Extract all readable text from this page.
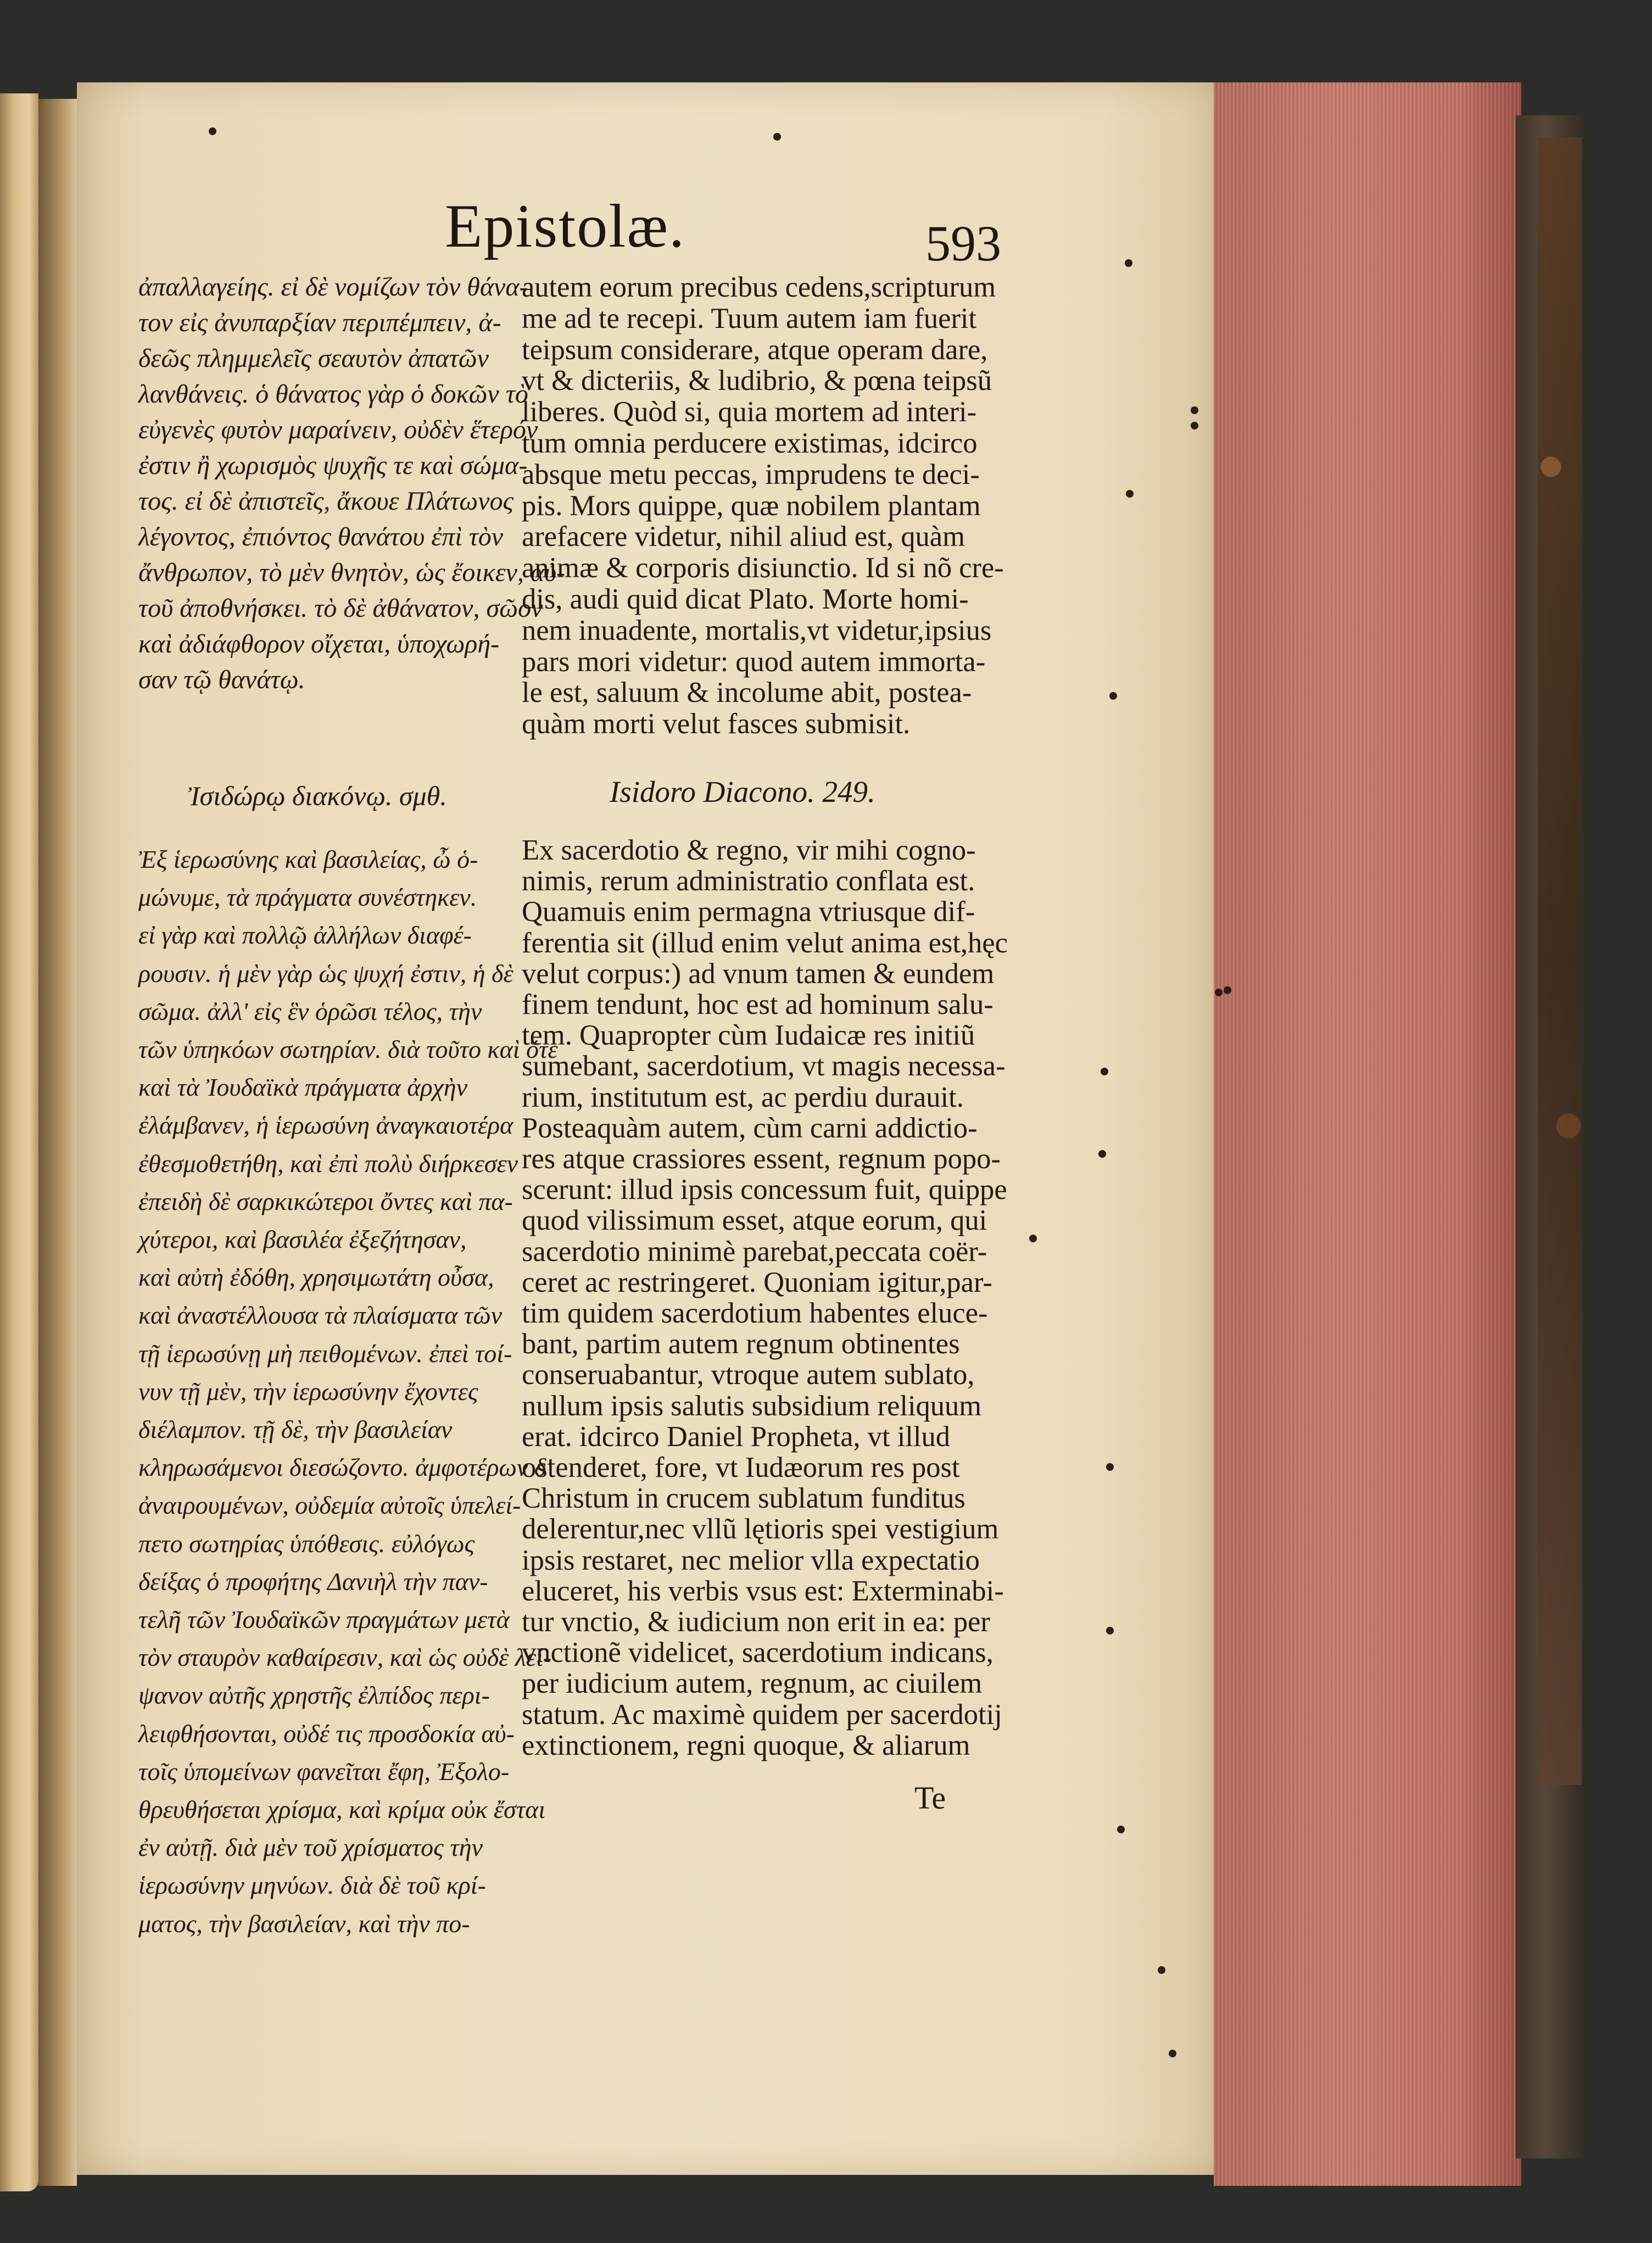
Epistolæ.	593
ἀπαλλαγείης. εἰ δὲ νομίζων τὸν θάνα-
τον εἰς ἀνυπαρξίαν περιπέμπειν, ἀ-
δεῶς πλημμελεῖς σεαυτὸν ἀπατῶν
λανθάνεις. ὁ θάνατος γὰρ ὁ δοκῶν τὸ
εὐγενὲς φυτὸν μαραίνειν, οὐδὲν ἕτερόν
ἐστιν ἢ χωρισμὸς ψυχῆς τε καὶ σώμα-
τος. εἰ δὲ ἀπιστεῖς, ἄκουε Πλάτωνος
λέγοντος, ἐπιόντος θανάτου ἐπὶ τὸν
ἄνθρωπον, τὸ μὲν θνητὸν, ὡς ἔοικεν, αὐ-
τοῦ ἀποθνήσκει. τὸ δὲ ἀθάνατον, σῶον
καὶ ἀδιάφθορον οἴχεται, ὑποχωρή-
σαν τῷ θανάτῳ.
autem eorum precibus cedens,scripturum
me ad te recepi. Tuum autem iam fuerit
teipsum considerare, atque operam dare,
vt & dicteriis, & ludibrio, & pœna teipsũ
liberes. Quòd si, quia mortem ad interi-
tum omnia perducere existimas, idcirco
absque metu peccas, imprudens te deci-
pis. Mors quippe, quæ nobilem plantam
arefacere videtur, nihil aliud est, quàm
animæ & corporis disiunctio. Id si nõ cre-
dis, audi quid dicat Plato. Morte homi-
nem inuadente, mortalis,vt videtur,ipsius
pars mori videtur: quod autem immorta-
le est, saluum & incolume abit, postea-
quàm morti velut fasces submisit.
Ἰσιδώρῳ διακόνῳ. σμθ.	Isidoro Diacono. 249.
Ἐξ ἱερωσύνης καὶ βασιλείας, ὦ ὁ-
μώνυμε, τὰ πράγματα συνέστηκεν.
εἰ γὰρ καὶ πολλῷ ἀλλήλων διαφέ-
ρουσιν. ἡ μὲν γὰρ ὡς ψυχή ἐστιν, ἡ δὲ
σῶμα. ἀλλ' εἰς ἓν ὁρῶσι τέλος, τὴν
τῶν ὑπηκόων σωτηρίαν. διὰ τοῦτο καὶ ὅτε
καὶ τὰ Ἰουδαϊκὰ πράγματα ἀρχὴν
ἐλάμβανεν, ἡ ἱερωσύνη ἀναγκαιοτέρα
ἐθεσμοθετήθη, καὶ ἐπὶ πολὺ διήρκεσεν
ἐπειδὴ δὲ σαρκικώτεροι ὄντες καὶ πα-
χύτεροι, καὶ βασιλέα ἐξεζήτησαν,
καὶ αὐτὴ ἐδόθη, χρησιμωτάτη οὖσα,
καὶ ἀναστέλλουσα τὰ πλαίσματα τῶν
τῇ ἱερωσύνῃ μὴ πειθομένων. ἐπεὶ τοί-
νυν τῇ μὲν, τὴν ἱερωσύνην ἔχοντες
διέλαμπον. τῇ δὲ, τὴν βασιλείαν
κληρωσάμενοι διεσώζοντο. ἀμφοτέρων δ'
ἀναιρουμένων, οὐδεμία αὐτοῖς ὑπελεί-
πετο σωτηρίας ὑπόθεσις. εὐλόγως
δείξας ὁ προφήτης Δανιὴλ τὴν παν-
τελῆ τῶν Ἰουδαϊκῶν πραγμάτων μετὰ
τὸν σταυρὸν καθαίρεσιν, καὶ ὡς οὐδὲ λεί-
ψανον αὐτῆς χρηστῆς ἐλπίδος περι-
λειφθήσονται, οὐδέ τις προσδοκία αὐ-
τοῖς ὑπομείνων φανεῖται ἔφη, Ἐξολο-
θρευθήσεται χρίσμα, καὶ κρίμα οὐκ ἔσται
ἐν αὐτῇ. διὰ μὲν τοῦ χρίσματος τὴν
ἱερωσύνην μηνύων. διὰ δὲ τοῦ κρί-
ματος, τὴν βασιλείαν, καὶ τὴν πο-
Ex sacerdotio & regno, vir mihi cogno-
nimis, rerum administratio conflata est.
Quamuis enim permagna vtriusque dif-
ferentia sit (illud enim velut anima est,hęc
velut corpus:) ad vnum tamen & eundem
finem tendunt, hoc est ad hominum salu-
tem. Quapropter cùm Iudaicæ res initiũ
sumebant, sacerdotium, vt magis necessa-
rium, institutum est, ac perdiu durauit.
Posteaquàm autem, cùm carni addictio-
res atque crassiores essent, regnum popo-
scerunt: illud ipsis concessum fuit, quippe
quod vilissimum esset, atque eorum, qui
sacerdotio minimè parebat,peccata coër-
ceret ac restringeret. Quoniam igitur,par-
tim quidem sacerdotium habentes eluce-
bant, partim autem regnum obtinentes
conseruabantur, vtroque autem sublato,
nullum ipsis salutis subsidium reliquum
erat. idcirco Daniel Propheta, vt illud
ostenderet, fore, vt Iudæorum res post
Christum in crucem sublatum funditus
delerentur,nec vllũ lętioris spei vestigium
ipsis restaret, nec melior vlla expectatio
eluceret, his verbis vsus est: Exterminabi-
tur vnctio, & iudicium non erit in ea: per
vnctionẽ videlicet, sacerdotium indicans,
per iudicium autem, regnum, ac ciuilem
statum. Ac maximè quidem per sacerdotij
extinctionem, regni quoque, & aliarum
Te
